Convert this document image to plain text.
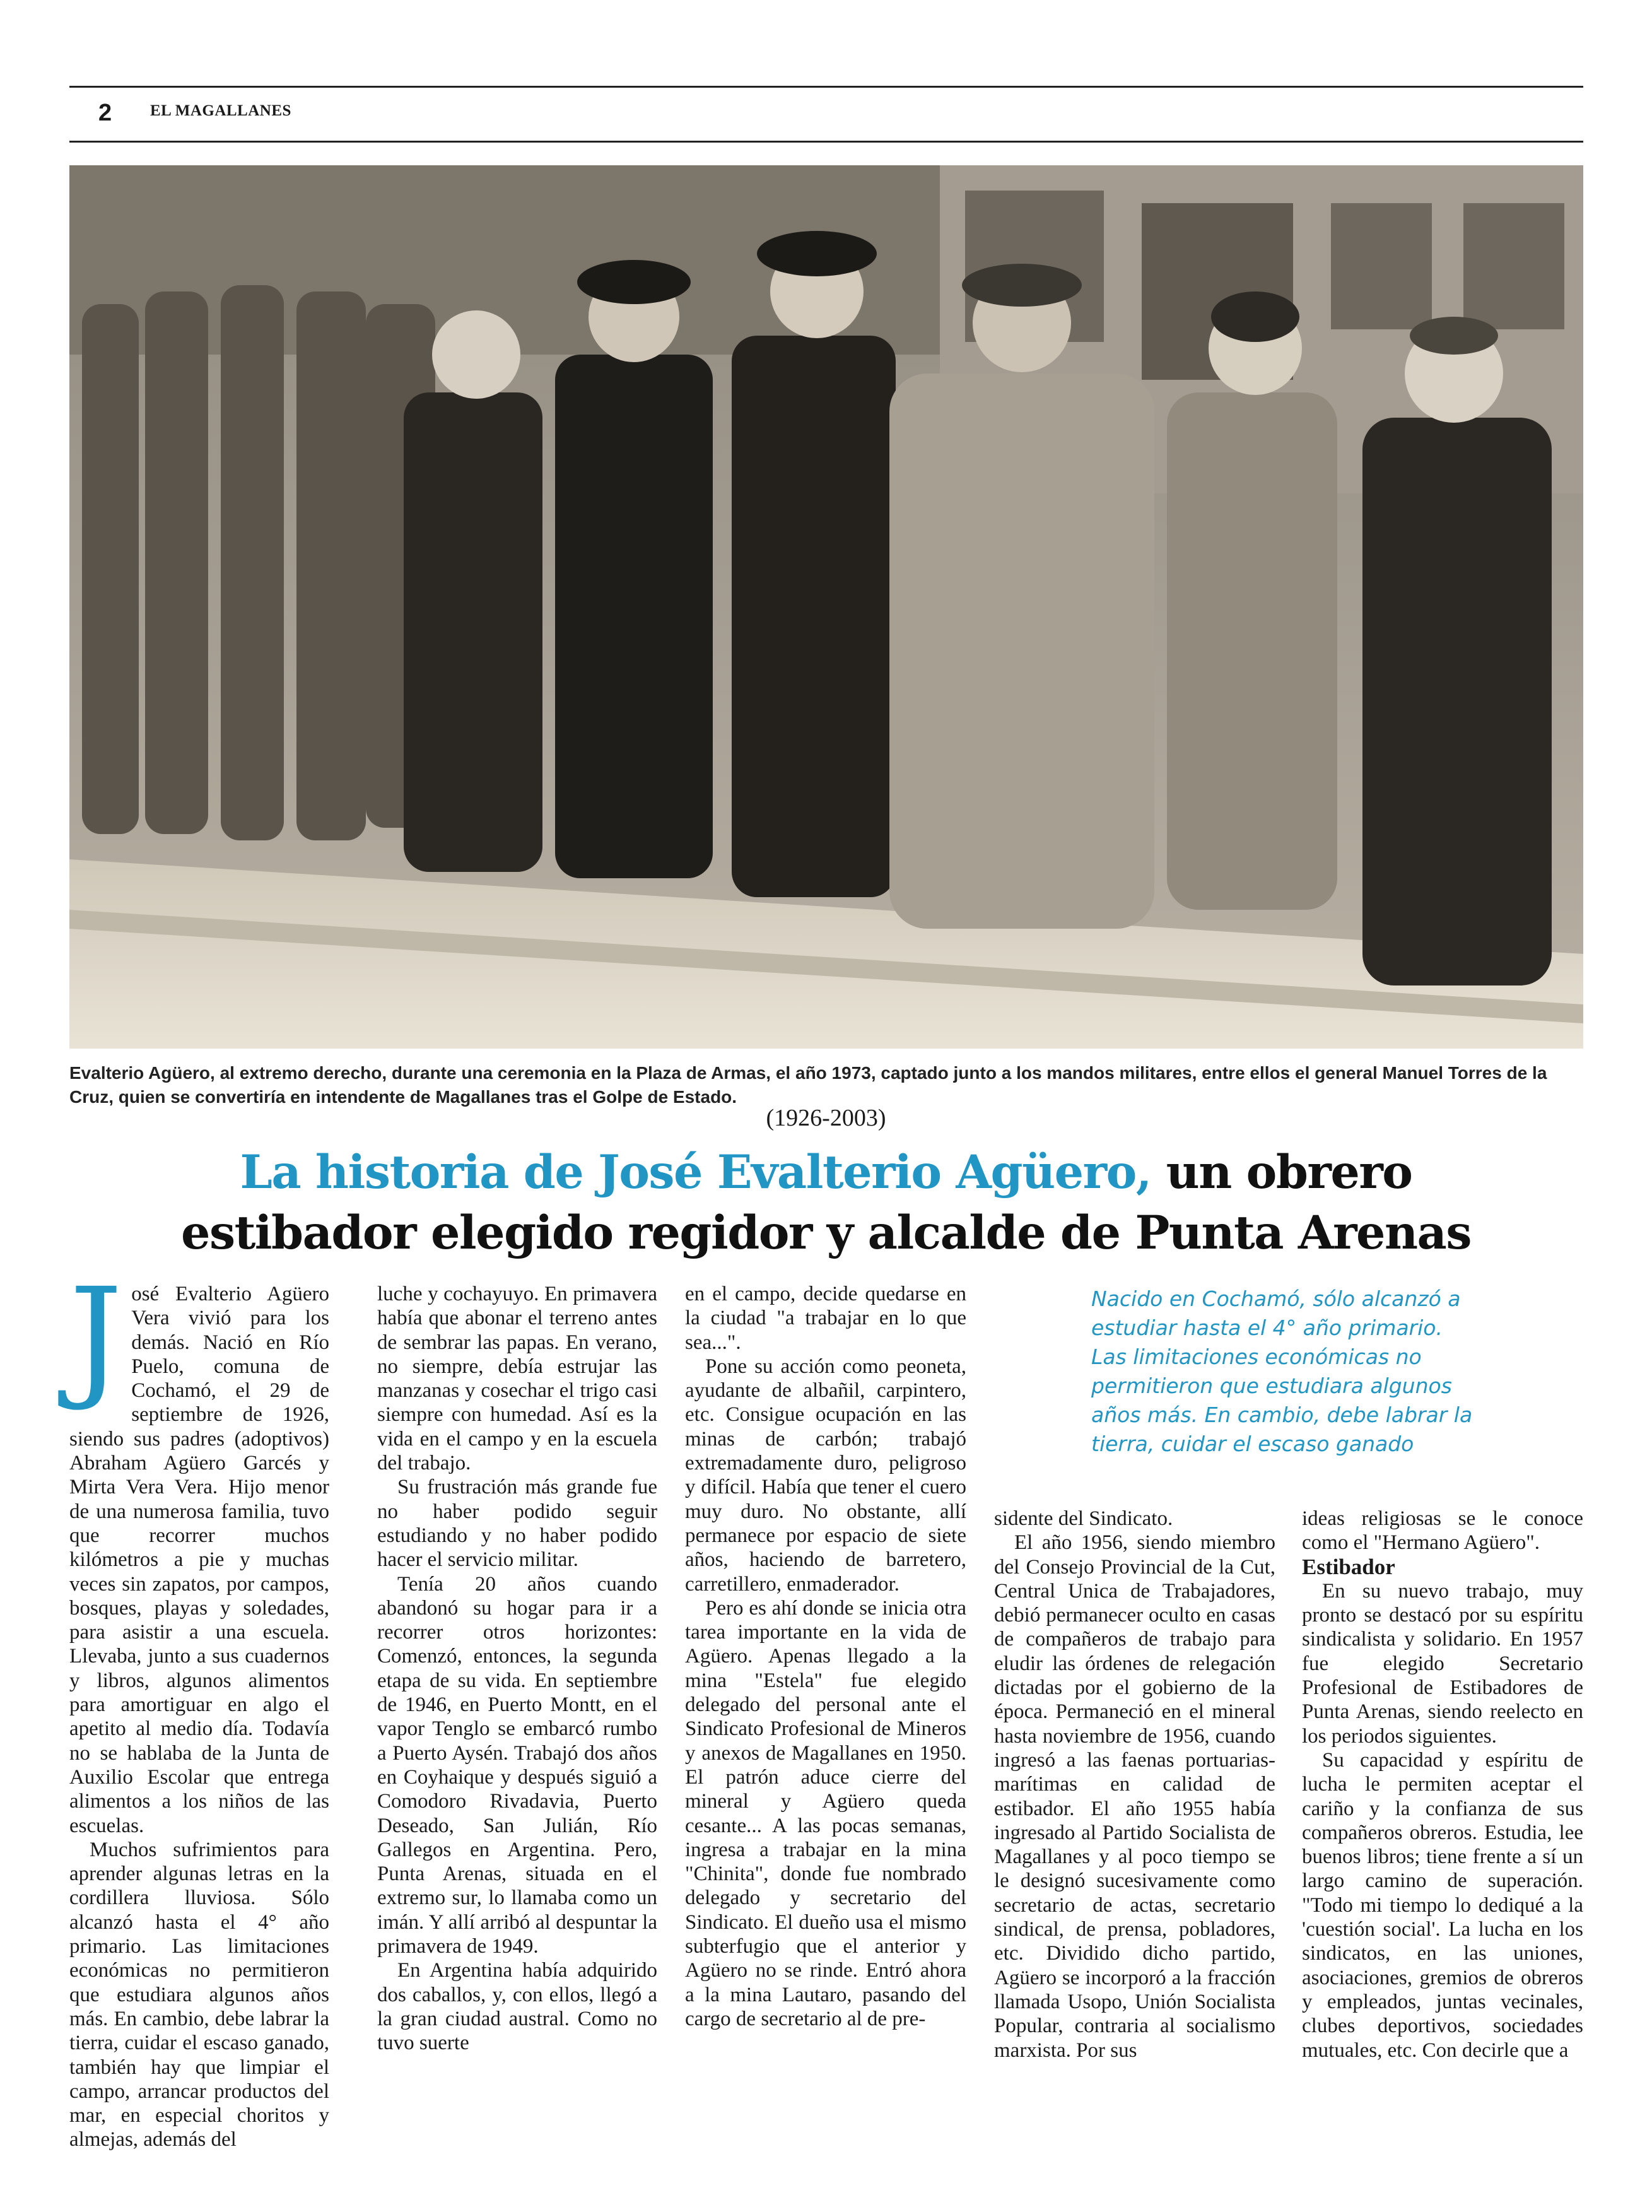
2 EL MAGALLANES
Evalterio Agüero, al extremo derecho, durante una ceremonia en la Plaza de Armas, el año 1973, captado junto a los mandos militares, entre ellos el general Manuel Torres de la Cruz, quien se convertiría en intendente de Magallanes tras el Golpe de Estado.
(1926-2003)
La historia de José Evalterio Agüero, un obrero
estibador elegido regidor y alcalde de Punta Arenas
J osé Evalterio Agüero Vera vivió para los demás. Nació en Río Puelo, comuna de Cochamó, el 29 de septiembre de 1926, siendo sus padres (adoptivos) Abraham Agüero Garcés y Mirta Vera Vera. Hijo menor de una numerosa familia, tuvo que recorrer muchos kilómetros a pie y muchas veces sin zapatos, por campos, bosques, playas y soledades, para asistir a una escuela. Llevaba, junto a sus cuadernos y libros, algunos alimentos para amortiguar en algo el apetito al medio día. Todavía no se hablaba de la Junta de Auxilio Escolar que entrega alimentos a los niños de las escuelas.

Muchos sufrimientos para aprender algunas letras en la cordillera lluviosa. Sólo alcanzó hasta el 4° año primario. Las limitaciones económicas no permitieron que estudiara algunos años más. En cambio, debe labrar la tierra, cuidar el escaso ganado, también hay que limpiar el campo, arrancar productos del mar, en especial choritos y almejas, además del

luche y cochayuyo. En primavera había que abonar el terreno antes de sembrar las papas. En verano, no siempre, debía estrujar las manzanas y cosechar el trigo casi siempre con humedad. Así es la vida en el campo y en la escuela del trabajo.

Su frustración más grande fue no haber podido seguir estudiando y no haber podido hacer el servicio militar.

Tenía 20 años cuando abandonó su hogar para ir a recorrer otros horizontes: Comenzó, entonces, la segunda etapa de su vida. En septiembre de 1946, en Puerto Montt, en el vapor Tenglo se embarcó rumbo a Puerto Aysén. Trabajó dos años en Coyhaique y después siguió a Comodoro Rivadavia, Puerto Deseado, San Julián, Río Gallegos en Argentina. Pero, Punta Arenas, situada en el extremo sur, lo llamaba como un imán. Y allí arribó al despuntar la primavera de 1949.

En Argentina había adquirido dos caballos, y, con ellos, llegó a la gran ciudad austral. Como no tuvo suerte

en el campo, decide quedarse en la ciudad "a trabajar en lo que sea...".

Pone su acción como peoneta, ayudante de albañil, carpintero, etc. Consigue ocupación en las minas de carbón; trabajó extremadamente duro, peligroso y difícil. Había que tener el cuero muy duro. No obstante, allí permanece por espacio de siete años, haciendo de barretero, carretillero, enmaderador.

Pero es ahí donde se inicia otra tarea importante en la vida de Agüero. Apenas llegado a la mina "Estela" fue elegido delegado del personal ante el Sindicato Profesional de Mineros y anexos de Magallanes en 1950. El patrón aduce cierre del mineral y Agüero queda cesante... A las pocas semanas, ingresa a trabajar en la mina "Chinita", donde fue nombrado delegado y secretario del Sindicato. El dueño usa el mismo subterfugio que el anterior y Agüero no se rinde. Entró ahora a la mina Lautaro, pasando del cargo de secretario al de pre-

Nacido en Cochamó, sólo alcanzó a estudiar hasta el 4° año primario. Las limitaciones económicas no permitieron que estudiara algunos años más. En cambio, debe labrar la tierra, cuidar el escaso ganado

sidente del Sindicato.

El año 1956, siendo miembro del Consejo Provincial de la Cut, Central Unica de Trabajadores, debió permanecer oculto en casas de compañeros de trabajo para eludir las órdenes de relegación dictadas por el gobierno de la época. Permaneció en el mineral hasta noviembre de 1956, cuando ingresó a las faenas portuarias-marítimas en calidad de estibador. El año 1955 había ingresado al Partido Socialista de Magallanes y al poco tiempo se le designó sucesivamente como secretario de actas, secretario sindical, de prensa, pobladores, etc. Dividido dicho partido, Agüero se incorporó a la fracción llamada Usopo, Unión Socialista Popular, contraria al socialismo marxista. Por sus

ideas religiosas se le conoce como el "Hermano Agüero".

Estibador

En su nuevo trabajo, muy pronto se destacó por su espíritu sindicalista y solidario. En 1957 fue elegido Secretario Profesional de Estibadores de Punta Arenas, siendo reelecto en los periodos siguientes.

Su capacidad y espíritu de lucha le permiten aceptar el cariño y la confianza de sus compañeros obreros. Estudia, lee buenos libros; tiene frente a sí un largo camino de superación. "Todo mi tiempo lo dediqué a la 'cuestión social'. La lucha en los sindicatos, en las uniones, asociaciones, gremios de obreros y empleados, juntas vecinales, clubes deportivos, sociedades mutuales, etc. Con decirle que a
